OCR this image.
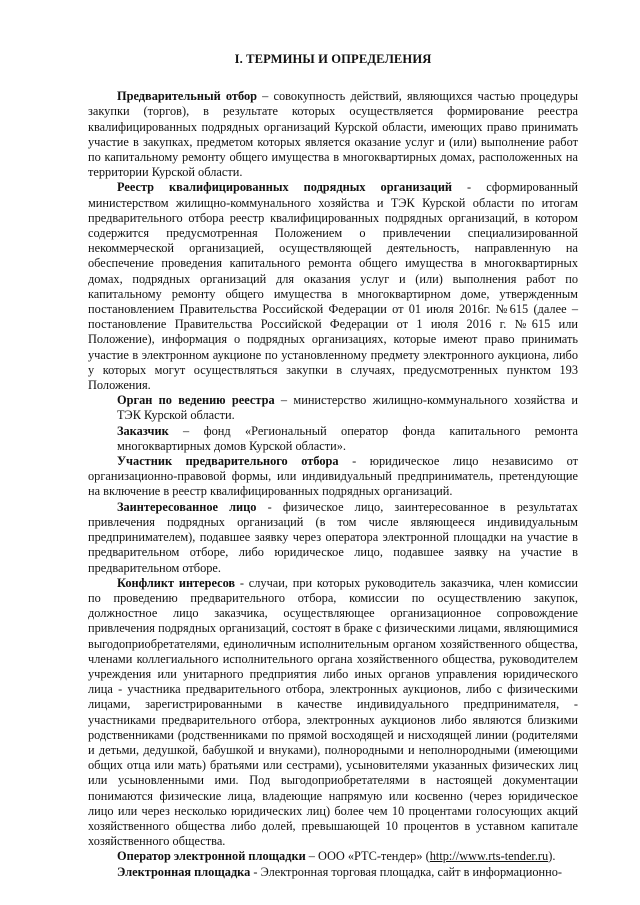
I. ТЕРМИНЫ И ОПРЕДЕЛЕНИЯ

Предварительный отбор – совокупность действий, являющихся частью процедуры закупки (торгов), в результате которых осуществляется формирование реестра квалифицированных подрядных организаций Курской области, имеющих право принимать участие в закупках, предметом которых является оказание услуг и (или) выполнение работ по капитальному ремонту общего имущества в многоквартирных домах, расположенных на территории Курской области.

Реестр квалифицированных подрядных организаций - сформированный министерством жилищно-коммунального хозяйства и ТЭК Курской области по итогам предварительного отбора реестр квалифицированных подрядных организаций, в котором содержится предусмотренная Положением о привлечении специализированной некоммерческой организацией, осуществляющей деятельность, направленную на обеспечение проведения капитального ремонта общего имущества в многоквартирных домах, подрядных организаций для оказания услуг и (или) выполнения работ по капитальному ремонту общего имущества в многоквартирном доме, утвержденным постановлением Правительства Российской Федерации от 01 июля 2016г. №615 (далее – постановление Правительства Российской Федерации от 1 июля 2016 г. №615 или Положение), информация о подрядных организациях, которые имеют право принимать участие в электронном аукционе по установленному предмету электронного аукциона, либо у которых могут осуществляться закупки в случаях, предусмотренных пунктом 193 Положения.

Орган по ведению реестра – министерство жилищно-коммунального хозяйства и ТЭК Курской области.

Заказчик – фонд «Региональный оператор фонда капитального ремонта многоквартирных домов Курской области».

Участник предварительного отбора - юридическое лицо независимо от организационно-правовой формы, или индивидуальный предприниматель, претендующие на включение в реестр квалифицированных подрядных организаций.

Заинтересованное лицо - физическое лицо, заинтересованное в результатах привлечения подрядных организаций (в том числе являющееся индивидуальным предпринимателем), подавшее заявку через оператора электронной площадки на участие в предварительном отборе, либо юридическое лицо, подавшее заявку на участие в предварительном отборе.

Конфликт интересов - случаи, при которых руководитель заказчика, член комиссии по проведению предварительного отбора, комиссии по осуществлению закупок, должностное лицо заказчика, осуществляющее организационное сопровождение привлечения подрядных организаций, состоят в браке с физическими лицами, являющимися выгодоприобретателями, единоличным исполнительным органом хозяйственного общества, членами коллегиального исполнительного органа хозяйственного общества, руководителем учреждения или унитарного предприятия либо иных органов управления юридического лица - участника предварительного отбора, электронных аукционов, либо с физическими лицами, зарегистрированными в качестве индивидуального предпринимателя, - участниками предварительного отбора, электронных аукционов либо являются близкими родственниками (родственниками по прямой восходящей и нисходящей линии (родителями и детьми, дедушкой, бабушкой и внуками), полнородными и неполнородными (имеющими общих отца или мать) братьями или сестрами), усыновителями указанных физических лиц или усыновленными ими. Под выгодоприобретателями в настоящей документации понимаются физические лица, владеющие напрямую или косвенно (через юридическое лицо или через несколько юридических лиц) более чем 10 процентами голосующих акций хозяйственного общества либо долей, превышающей 10 процентов в уставном капитале хозяйственного общества.

Оператор электронной площадки – ООО «РТС-тендер» (http://www.rts-tender.ru).

Электронная площадка - Электронная торговая площадка, сайт в информационно-
